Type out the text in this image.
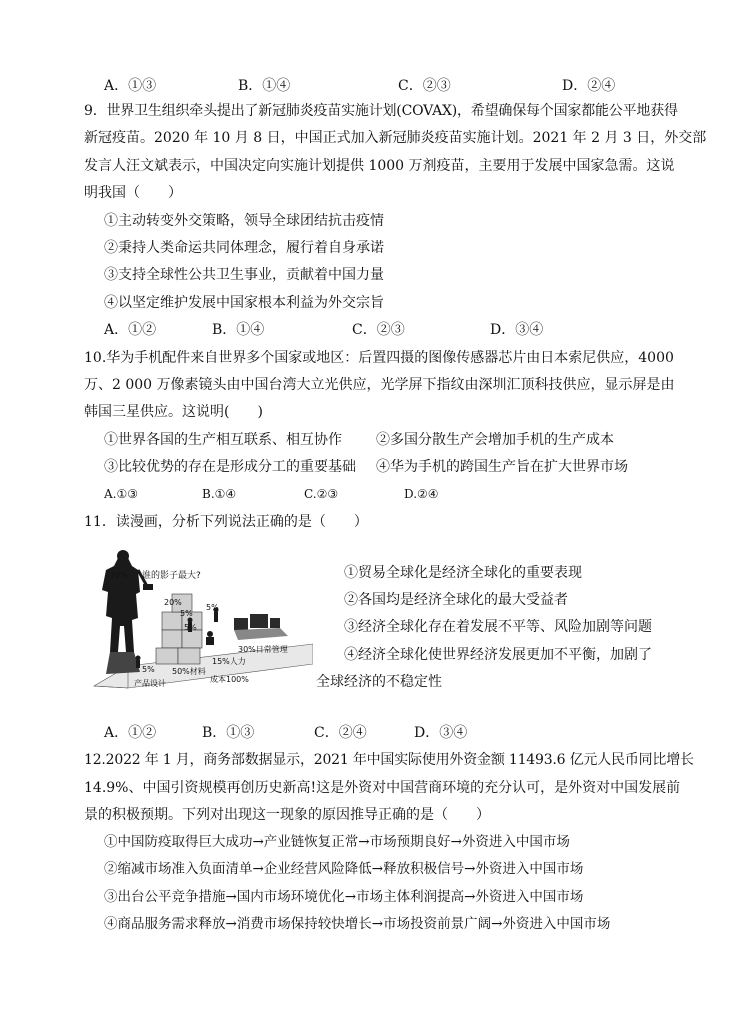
A．①③	B．①④	C．②③	D．②④
9．世界卫生组织牵头提出了新冠肺炎疫苗实施计划(COVAX)，希望确保每个国家都能公平地获得
新冠疫苗。2020 年 10 月 8 日，中国正式加入新冠肺炎疫苗实施计划。2021 年 2 月 3 日，外交部
发言人汪文斌表示，中国决定向实施计划提供 1000 万剂疫苗，主要用于发展中国家急需。这说
明我国（　　）
①主动转变外交策略，领导全球团结抗击疫情
②秉持人类命运共同体理念，履行着自身承诺
③支持全球性公共卫生事业，贡献着中国力量
④以坚定维护发展中国家根本利益为外交宗旨
A．①②	B．①④	C．②③	D．③④
10.华为手机配件来自世界多个国家或地区：后置四摄的图像传感器芯片由日本索尼供应，4000
万、2 000 万像素镜头由中国台湾大立光供应，光学屏下指纹由深圳汇顶科技供应，显示屏是由
韩国三星供应。这说明(　　)
①世界各国的生产相互联系、相互协作 ②多国分散生产会增加手机的生产成本
③比较优势的存在是形成分工的重要基础 ④华为手机的跨国生产旨在扩大世界市场
A.①③	B.①④	C.②③	D.②④
11．读漫画，分析下列说法正确的是（　　）
谁的影子最大?
70%
20%
5%
5%
5%
30%日常管理
15%人力
50%材料
5%
产品设计	成本100%
①贸易全球化是经济全球化的重要表现
②各国均是经济全球化的最大受益者
③经济全球化存在着发展不平等、风险加剧等问题
④经济全球化使世界经济发展更加不平衡，加剧了
全球经济的不稳定性
A．①②	B．①③	C．②④	D．③④
12.2022 年 1 月，商务部数据显示，2021 年中国实际使用外资金额 11493.6 亿元人民币同比增长
14.9%、中国引资规模再创历史新高!这是外资对中国营商环境的充分认可，是外资对中国发展前
景的积极预期。下列对出现这一现象的原因推导正确的是（　　）
①中国防疫取得巨大成功→产业链恢复正常→市场预期良好→外资进入中国市场
②缩减市场准入负面清单→企业经营风险降低→释放积极信号→外资进入中国市场
③出台公平竞争措施→国内市场环境优化→市场主体利润提高→外资进入中国市场
④商品服务需求释放→消费市场保持较快增长→市场投资前景广阔→外资进入中国市场
